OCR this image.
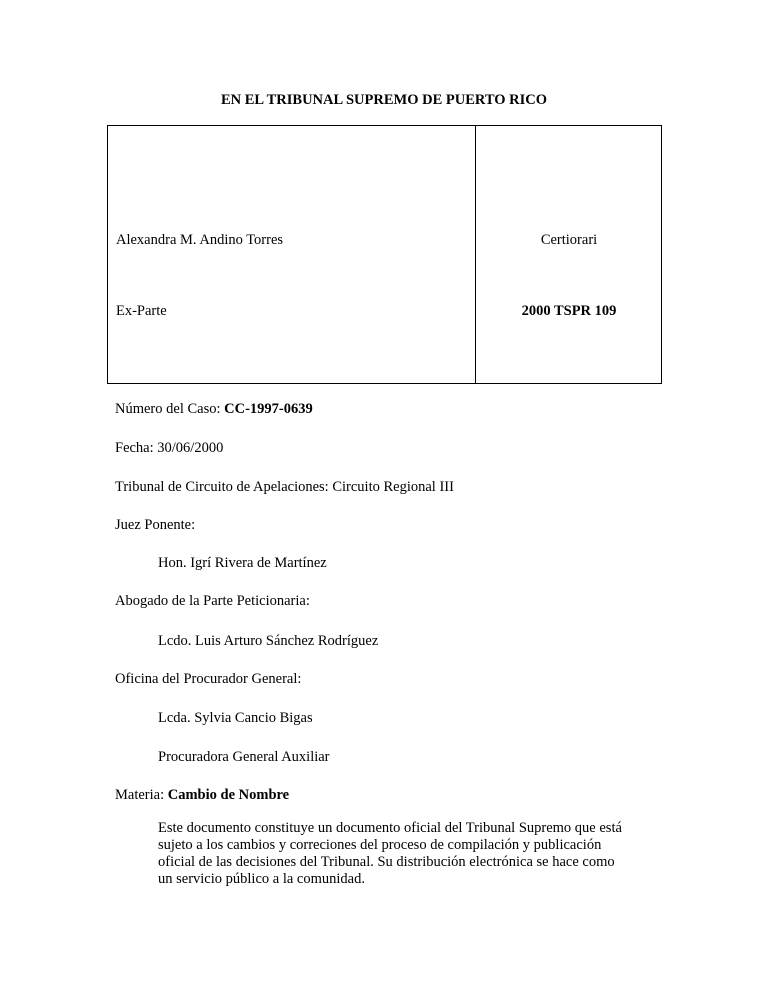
EN EL TRIBUNAL SUPREMO DE PUERTO RICO
Alexandra M. Andino Torres
Ex-Parte
Certiorari
2000 TSPR 109
Número del Caso: CC-1997-0639
Fecha: 30/06/2000
Tribunal de Circuito de Apelaciones: Circuito Regional III
Juez Ponente:
Hon. Igrí Rivera de Martínez
Abogado de la Parte Peticionaria:
Lcdo. Luis Arturo Sánchez Rodríguez
Oficina del Procurador General:
Lcda. Sylvia Cancio Bigas
Procuradora General Auxiliar
Materia: Cambio de Nombre

Este documento constituye un documento oficial del Tribunal Supremo que está sujeto a los cambios y correciones del proceso de compilación y publicación oficial de las decisiones del Tribunal. Su distribución electrónica se hace como un servicio público a la comunidad.
